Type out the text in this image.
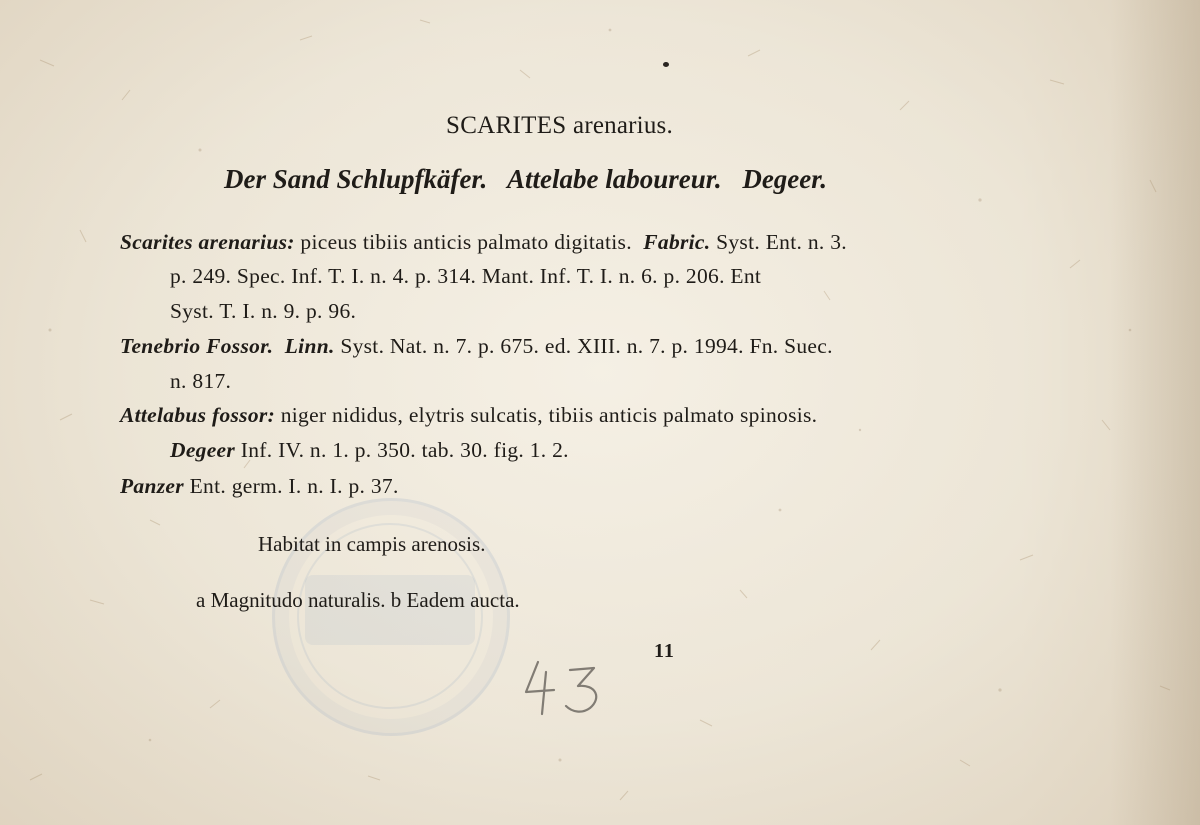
SCARITES arenarius.
Der Sand Schlupfkäfer. Attelabe laboureur. Degeer.
Scarites arenarius: piceus tibiis anticis palmato digitatis. Fabric. Syst. Ent. n. 3.
p. 249. Spec. Inf. T. I. n. 4. p. 314. Mant. Inf. T. I. n. 6. p. 206. Ent
Syst. T. I. n. 9. p. 96.
Tenebrio Fossor. Linn. Syst. Nat. n. 7. p. 675. ed. XIII. n. 7. p. 1994. Fn. Suec.
n. 817.
Attelabus fossor: niger nididus, elytris sulcatis, tibiis anticis palmato spinosis.
Degeer Inf. IV. n. 1. p. 350. tab. 30. fig. 1. 2.
Panzer Ent. germ. I. n. I. p. 37.
Habitat in campis arenosis.
a Magnitudo naturalis. b Eadem auctа.
11
